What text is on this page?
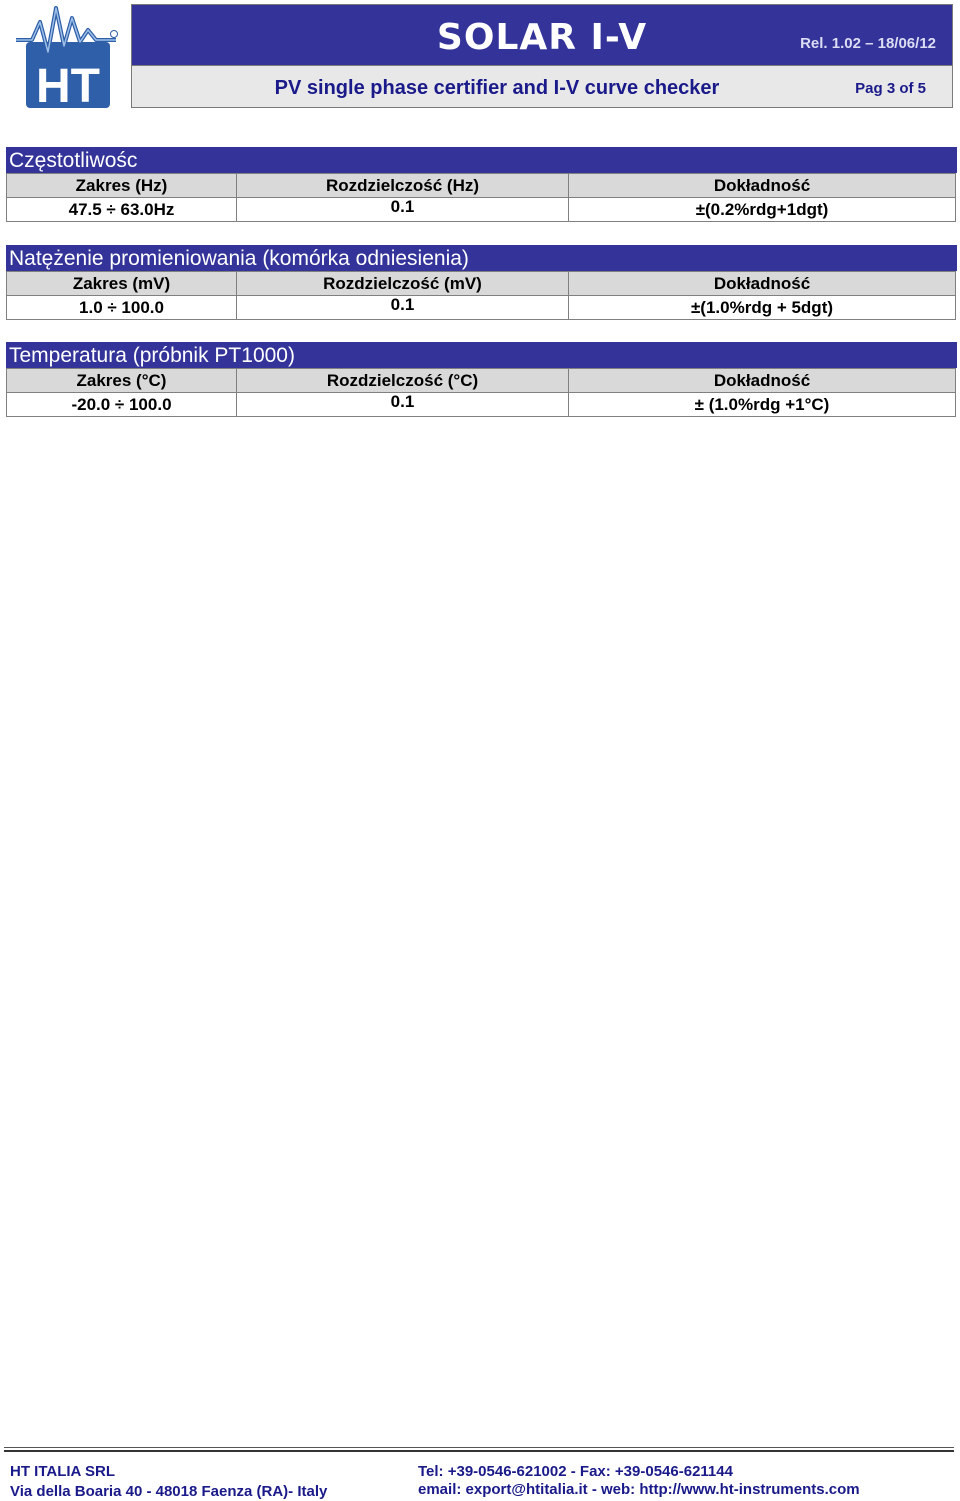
HT
SOLAR I-V	Rel. 1.02 – 18/06/12
PV single phase certifier and I-V curve checker	Pag 3 of 5
Częstotliwośc
Zakres (Hz)	Rozdzielczość (Hz)	Dokładność
47.5 ÷ 63.0Hz	0.1	±(0.2%rdg+1dgt)
Natężenie promieniowania (komórka odniesienia)
Zakres (mV)	Rozdzielczość (mV)	Dokładność
1.0 ÷ 100.0	0.1	±(1.0%rdg + 5dgt)
Temperatura (próbnik PT1000)
Zakres (°C)	Rozdzielczość (°C)	Dokładność
-20.0 ÷ 100.0	0.1	± (1.0%rdg +1°C)
HT ITALIA SRL
Via della Boaria 40 - 48018 Faenza (RA)- Italy
Tel: +39-0546-621002 - Fax: +39-0546-621144
email: export@htitalia.it - web: http://www.ht-instruments.com
